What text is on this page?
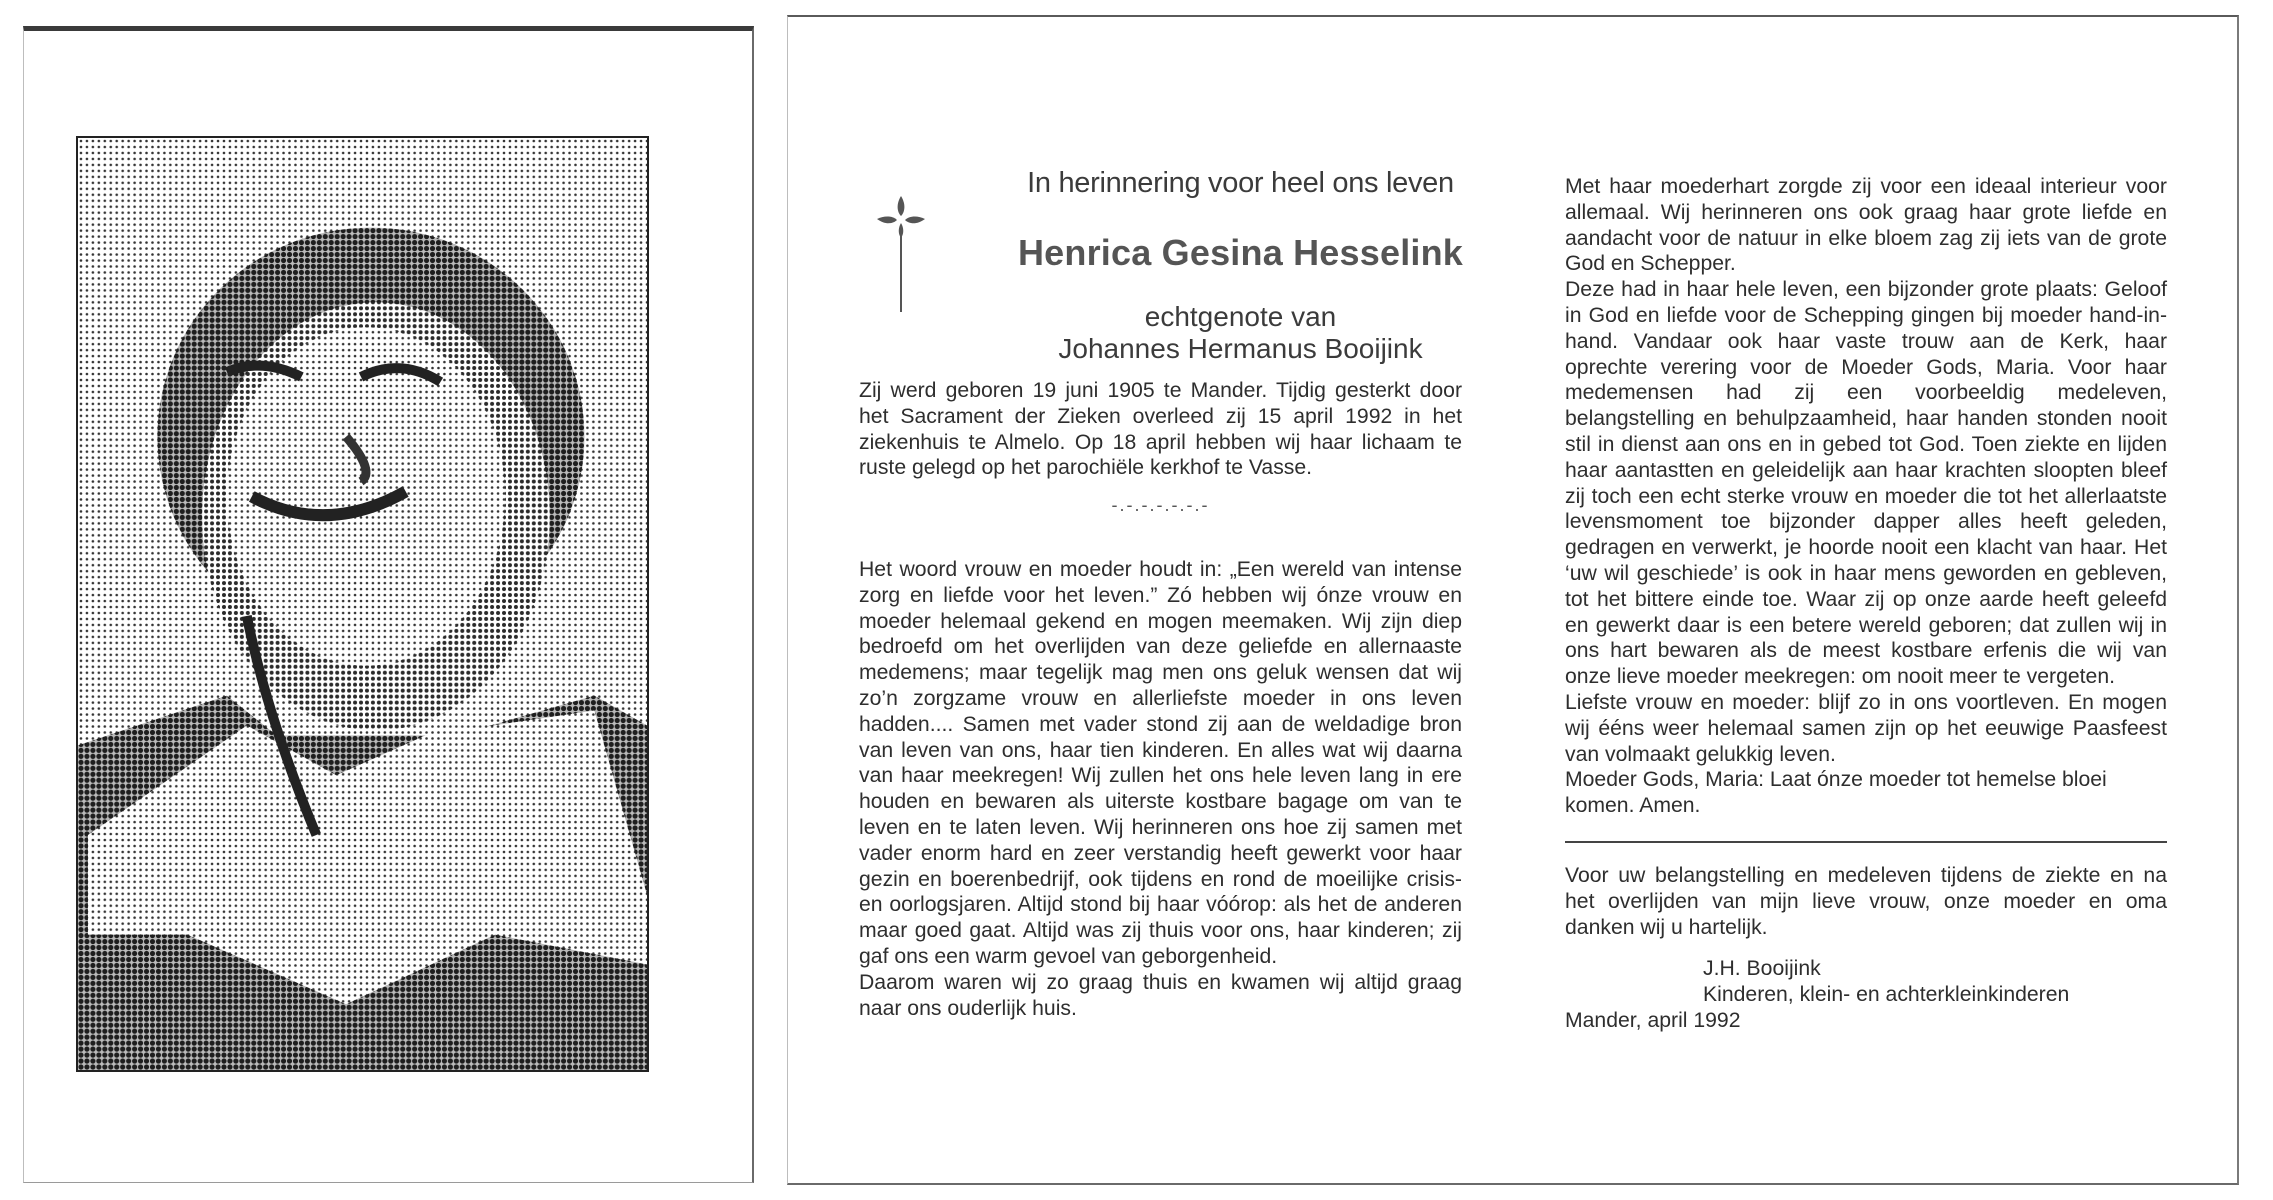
In herinnering voor heel ons leven
Henrica Gesina Hesselink
echtgenote van
Johannes Hermanus Booijink

Zij werd geboren 19 juni 1905 te Mander. Tijdig gesterkt door het Sacrament der Zieken overleed zij 15 april 1992 in het ziekenhuis te Almelo. Op 18 april hebben wij haar lichaam te ruste gelegd op het parochiële kerkhof te Vasse.

-.-.-.-.-.-.-

Het woord vrouw en moeder houdt in: „Een wereld van intense zorg en liefde voor het leven.” Zó hebben wij ónze vrouw en moeder helemaal gekend en mogen meemaken. Wij zijn diep bedroefd om het overlijden van deze geliefde en allernaaste medemens; maar tegelijk mag men ons geluk wensen dat wij zo’n zorgzame vrouw en allerliefste moeder in ons leven hadden.... Samen met vader stond zij aan de weldadige bron van leven van ons, haar tien kinderen. En alles wat wij daarna van haar meekregen! Wij zullen het ons hele leven lang in ere houden en bewaren als uiterste kostbare bagage om van te leven en te laten leven. Wij herinneren ons hoe zij samen met vader enorm hard en zeer verstandig heeft gewerkt voor haar gezin en boerenbedrijf, ook tijdens en rond de moeilijke crisis- en oorlogsjaren. Altijd stond bij haar vóórop: als het de anderen maar goed gaat. Altijd was zij thuis voor ons, haar kinderen; zij gaf ons een warm gevoel van geborgenheid.

Daarom waren wij zo graag thuis en kwamen wij altijd graag naar ons ouderlijk huis.

Met haar moederhart zorgde zij voor een ideaal interieur voor allemaal. Wij herinneren ons ook graag haar grote liefde en aandacht voor de natuur in elke bloem zag zij iets van de grote God en Schepper.

Deze had in haar hele leven, een bijzonder grote plaats: Geloof in God en liefde voor de Schepping gingen bij moeder hand-in-hand. Vandaar ook haar vaste trouw aan de Kerk, haar oprechte verering voor de Moeder Gods, Maria. Voor haar medemensen had zij een voorbeeldig medeleven, belangstelling en behulpzaamheid, haar handen stonden nooit stil in dienst aan ons en in gebed tot God. Toen ziekte en lijden haar aantastten en geleidelijk aan haar krachten sloopten bleef zij toch een echt sterke vrouw en moeder die tot het allerlaatste levensmoment toe bijzonder dapper alles heeft geleden, gedragen en verwerkt, je hoorde nooit een klacht van haar. Het ‘uw wil geschiede’ is ook in haar mens geworden en gebleven, tot het bittere einde toe. Waar zij op onze aarde heeft geleefd en gewerkt daar is een betere wereld geboren; dat zullen wij in ons hart bewaren als de meest kostbare erfenis die wij van onze lieve moeder meekregen: om nooit meer te vergeten.

Liefste vrouw en moeder: blijf zo in ons voortleven. En mogen wij ééns weer helemaal samen zijn op het eeuwige Paasfeest van volmaakt gelukkig leven.

Moeder Gods, Maria: Laat ónze moeder tot hemelse bloei komen. Amen.

Voor uw belangstelling en medeleven tijdens de ziekte en na het overlijden van mijn lieve vrouw, onze moeder en oma danken wij u hartelijk.

J.H. Booijink

Kinderen, klein- en achterkleinkinderen

Mander, april 1992
